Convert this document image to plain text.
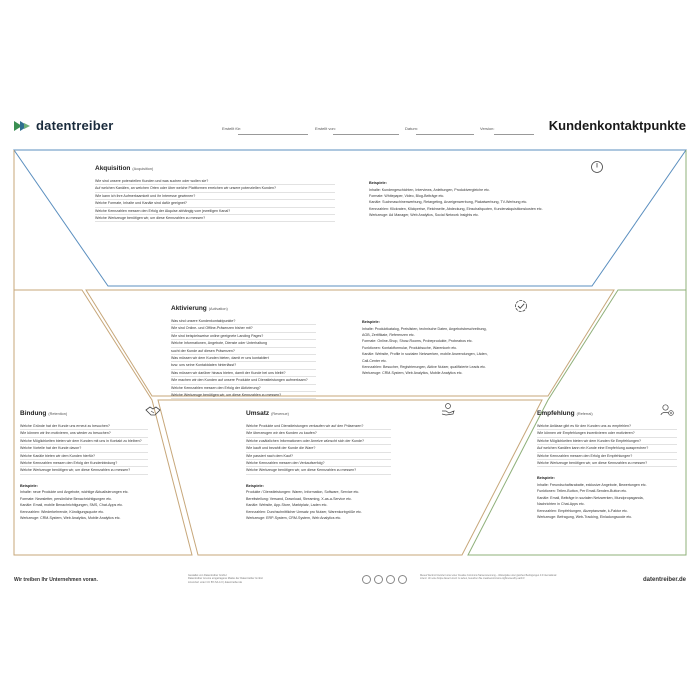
datentreiber	Erstellt für:	Erstellt von:	Datum:	Version:	Kundenkontaktpunkte
Akquisition (Acquisition)
Wie sind unsere potenziellen Kunden und was suchen oder wollen sie?
Auf welchen Kanälen, an welchen Orten oder über welche Plattformen erreichen wir unsere potenziellen Kunden?
Wie kann ich ihre Aufmerksamkeit und ihr Interesse gewinnen?
Welche Formate, Inhalte und Kanäle sind dafür geeignet?
Welche Kennzahlen messen den Erfolg der Akquise abhängig vom jeweiligen Kanal?
Welche Werkzeuge benötigen wir, um diese Kennzahlen zu messen?
Beispiele:
Inhalte: Kundengeschichten, Interviews, Anleitungen, Produktvergleiche etc.
Formate: Whitepaper, Video, Blog-Beiträge etc.
Kanäle: Suchmaschinenwerbung, Retargeting, Anzeigenwerbung, Plakatwerbung, TV-Werbung etc.
Kennzahlen: Klickraten, Klickpreise, Reichweite, Abdeckung, Einschaltquoten, Kundenakquisitionskosten etc.
Werkzeuge: Ad Manager, Web Analytics, Social Network Insights etc.
Aktivierung (Activation)
Was sind unsere Kundenkontaktpunkte?
Wie sind Online- und Offline-Präsenzen bisher mit?
Wie sind beispielsweise online geeignete Landing Pages?
Welche Informationen, Angebote, Dienste oder Unterhaltung
sucht der Kunde auf diesen Präsenzen?
Was müssen wir dem Kunden bieten, damit er uns kontaktiert
bzw. uns seine Kontaktdaten hinterlässt?
Was müssen wir darüber hinaus bieten, damit der Kunde bei uns bleibt?
Wie machen wir den Kunden auf unsere Produkte und Dienstleistungen aufmerksam?
Welche Kennzahlen messen den Erfolg der Aktivierung?
Welche Werkzeuge benötigen wir, um diese Kennzahlen zu messen?
Beispiele:
Inhalte: Produktkatalog, Preislisten, technische Daten, Angebotsbeschreibung,
AGB, Zertifikate, Referenzen etc.
Formate: Online-Shop, Show-Rooms, Probeprodukte, Probeabos etc.
Funktionen: Kontaktformular, Produktsuche, Warenkorb etc.
Kanäle: Website, Profile in sozialen Netzwerken, mobile Anwendungen, Läden,
Call-Center etc.
Kennzahlen: Besucher, Registrierungen, Aktive Nutzer, qualifizierte Leads etc.
Werkzeuge: CRM-System, Web Analytics, Mobile Analytics etc.
Bindung (Retention)
Welche Gründe hat der Kunde uns erneut zu besuchen?
Wie können wir ihn motivieren, uns wieder zu besuchen?
Welche Möglichkeiten bieten wir dem Kunden mit uns in Kontakt zu bleiben?
Welche Vorteile hat der Kunde davon?
Welche Kanäle bieten wir dem Kunden hierfür?
Welche Kennzahlen messen den Erfolg der Kundenbindung?
Welche Werkzeuge benötigen wir, um diese Kennzahlen zu messen?
Beispiele:
Inhalte: neue Produkte und Angebote, wichtige Aktualisierungen etc.
Formate: Newsletter, persönliche Benachrichtigungen etc.
Kanäle: Email, mobile Benachrichtigungen, SMS, Chat-Apps etc.
Kennzahlen: Wiederkehrende, Kündigungsquote etc.
Werkzeuge: CRM-System, Web Analytics, Mobile Analytics etc.
Umsatz (Revenue)
Welche Produkte und Dienstleistungen verkaufen wir auf den Präsenzen?
Wie überzeugen wir den Kunden zu kaufen?
Welche zusätzlichen Informationen oder Anreize wünscht sich der Kunde?
Wie kauft und bezahlt der Kunde die Ware?
Wie passiert nach dem Kauf?
Welche Kennzahlen messen den Verkaufserfolg?
Welche Werkzeuge benötigen wir, um diese Kennzahlen zu messen?
Beispiele:
Produkte / Dienstleistungen: Waren, Information, Software, Service etc.
Bereitstellung: Versand, Download, Streaming, X-as-a-Service etc.
Kanäle: Website, App-Store, Marktplatz, Laden etc.
Kennzahlen: Durchschnittlicher Umsatz pro Nutzer, Warenkorbgröße etc.
Werkzeuge: ERP-System, CRM-System, Web Analytics etc.
Empfehlung (Referral)
Welche Anlässe gibt es für den Kunden uns zu empfehlen?
Wie können wir Empfehlungen incentivieren oder motivieren?
Welche Möglichkeiten bieten wir dem Kunden für Empfehlungen?
Auf welchen Kanälen kann ein Kunde eine Empfehlung aussprechen?
Welche Kennzahlen messen den Erfolg der Empfehlungen?
Welche Werkzeuge benötigen wir, um diese Kennzahlen zu messen?
Beispiele:
Inhalte: Freundschaftsrabatte, exklusive Angebote, Bewertungen etc.
Funktionen: Teilen-Button, Per Email-Senden-Button etc.
Kanäle: Email, Beiträge in sozialen Netzwerken, Mundpropaganda,
Nachrichten in Chat-Apps etc.
Kennzahlen: Empfehlungen, Akzeptanzrate, k-Faktor etc.
Werkzeuge: Befragung, Web-Tracking, Einladungscode etc.
Wir treiben Ihr Unternehmen voran.
Gestaltet von Datentreiber GmbH
Datentreiber ist eine eingetragene Marke der Datentreiber GmbH
Lizenziert unter CC BY-SA 4.0 | datentreiber.de
Dieses Werk ist lizenziert unter einer Creative Commons Namensnennung – Weitergabe unter gleichen Bedingungen 4.0 International
Lizenz. Um eine Kopie dieser Lizenz zu sehen, besuchen Sie creativecommons.org/licenses/by-sa/4.0/	datentreiber.de
